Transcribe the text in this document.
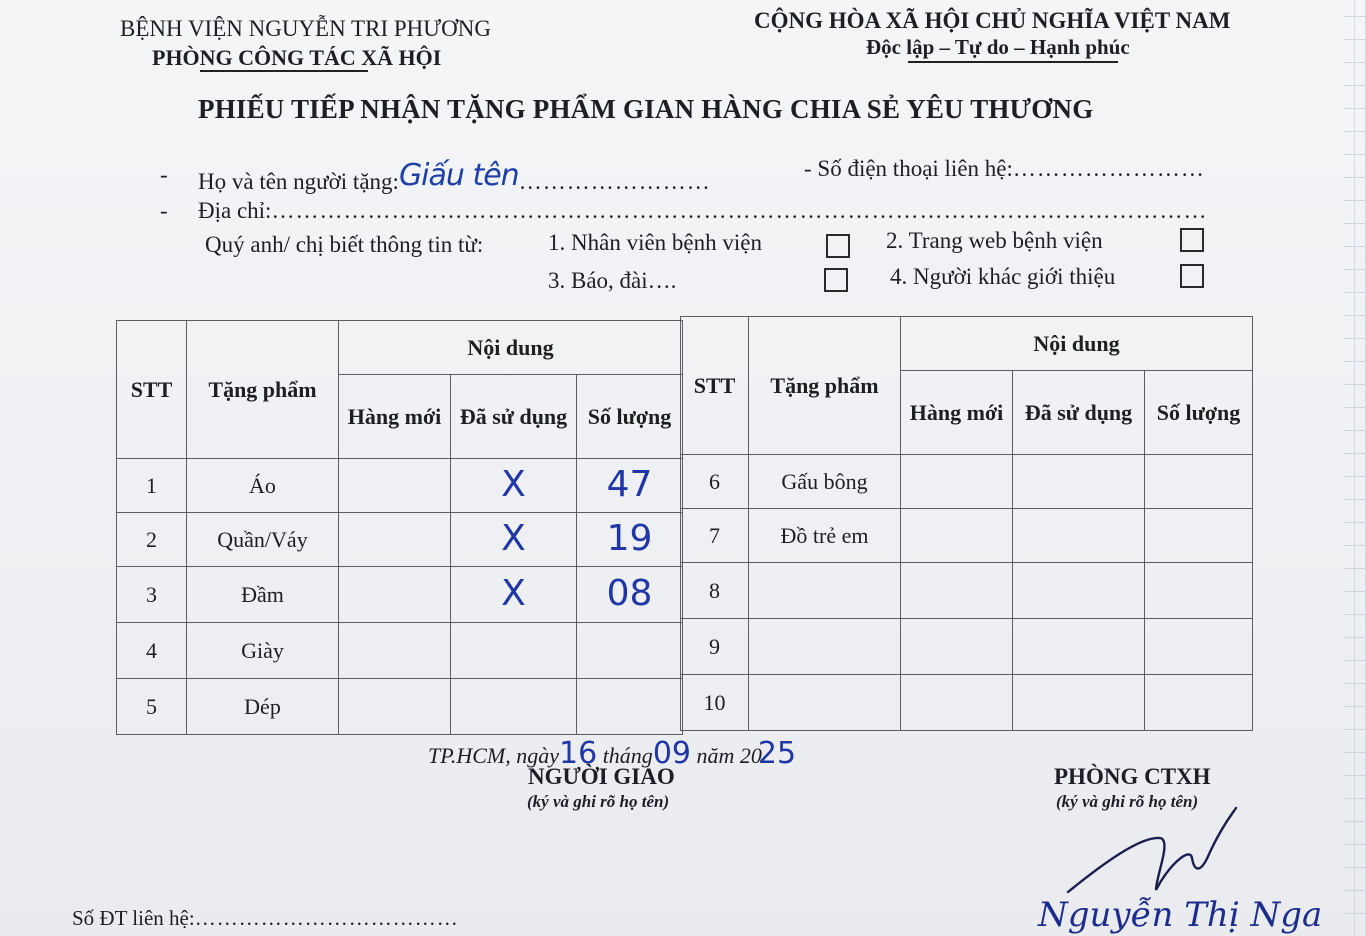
BỆNH VIỆN NGUYỄN TRI PHƯƠNG
PHÒNG CÔNG TÁC XÃ HỘI
CỘNG HÒA XÃ HỘI CHỦ NGHĨA VIỆT NAM
Độc lập – Tự do – Hạnh phúc
PHIẾU TIẾP NHẬN TẶNG PHẨM GIAN HÀNG CHIA SẺ YÊU THƯƠNG
- Họ và tên người tặng:Giấu tên……………………
- Số điện thoại liên hệ:……………………
- Địa chỉ:………………………………………………………………………………………………………
Quý anh/ chị biết thông tin từ:	1. Nhân viên bệnh viện	2. Trang web bệnh viện
3. Báo, đài….	4. Người khác giới thiệu
STT	Tặng phẩm	Nội dung		
		Hàng mới	Đã sử dụng	Số lượng
1	Áo		X	47
2	Quần/Váy		X	19
3	Đầm		X	08
4	Giày			
5	Dép			
STT	Tặng phẩm	Nội dung		
		Hàng mới	Đã sử dụng	Số lượng
6	Gấu bông			
7	Đồ trẻ em			
8				
9				
10				
TP.HCM, ngày16 tháng09 năm 2025
NGƯỜI GIAO
(ký và ghi rõ họ tên)
PHÒNG CTXH
(ký và ghi rõ họ tên)
Nguyễn Thị Nga
Số ĐT liên hệ:………………………………
